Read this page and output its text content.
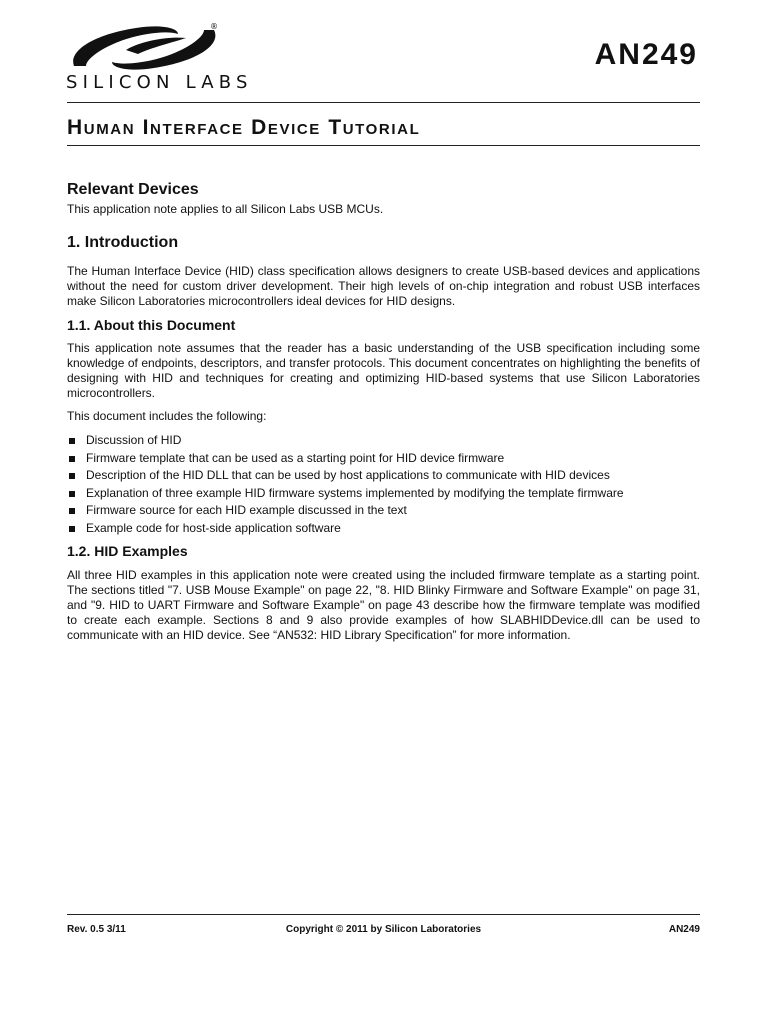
®
SILICON LABS
AN249
Human Interface Device Tutorial
Relevant Devices
This application note applies to all Silicon Labs USB MCUs.
1. Introduction
The Human Interface Device (HID) class specification allows designers to create USB-based devices and applications without the need for custom driver development. Their high levels of on-chip integration and robust USB interfaces make Silicon Laboratories microcontrollers ideal devices for HID designs.
1.1. About this Document
This application note assumes that the reader has a basic understanding of the USB specification including some knowledge of endpoints, descriptors, and transfer protocols. This document concentrates on highlighting the benefits of designing with HID and techniques for creating and optimizing HID-based systems that use Silicon Laboratories microcontrollers.
This document includes the following:
Discussion of HID
Firmware template that can be used as a starting point for HID device firmware
Description of the HID DLL that can be used by host applications to communicate with HID devices
Explanation of three example HID firmware systems implemented by modifying the template firmware
Firmware source for each HID example discussed in the text
Example code for host-side application software
1.2. HID Examples
All three HID examples in this application note were created using the included firmware template as a starting point. The sections titled "7. USB Mouse Example" on page 22, "8. HID Blinky Firmware and Software Example" on page 31, and "9. HID to UART Firmware and Software Example" on page 43 describe how the firmware template was modified to create each example. Sections 8 and 9 also provide examples of how SLABHIDDevice.dll can be used to communicate with an HID device. See “AN532: HID Library Specification” for more information.
Rev. 0.5 3/11	Copyright © 2011 by Silicon Laboratories	AN249
